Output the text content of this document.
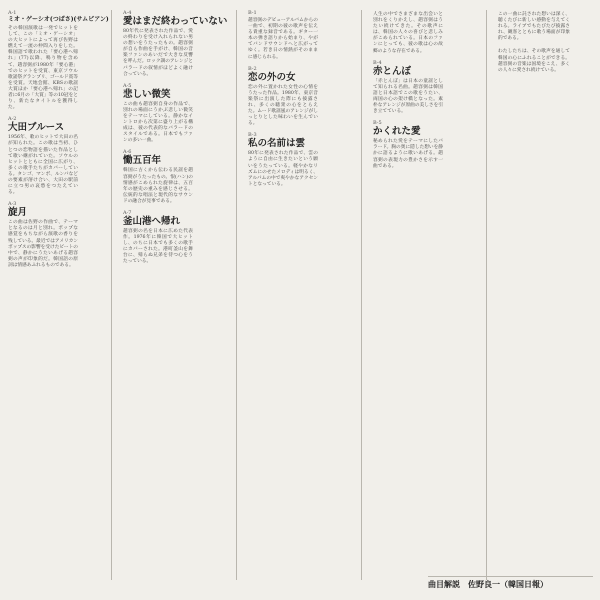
A-1

ミオ・ゲーシオ(つばさ)(サムピアン)

その韓国演歌は一発でヒットをして、この「ミオ・ゲーシオ」の大ヒットによって再び佐野は燃えて一流の仲間入りをした。韓国語で歌われた「要心港へ帰れ」(77)以降、鳴り物を含めて、趙容弼が1980年「要心港」でのヒットを受賞、東京ソウル歌謡祭グランプリ、ゴールド賞等を受賞。天地会館、KBSの歌謡大賞ほか「要心港へ帰れ」の記者に6月の「大賞」等の10冠をとり、新たなタイトルを獲得した。

A-2

大田ブルース

1956年、歌のヒットで大田の名が知られた。この歌は当初、ひとつの恋物語を描いた作品として歌い継がれていた。ソウルのヒットとともに全国に広がり、多くの歌手たちがカバーしている。タンゴ、マンボ、ルンバなどの要素が溶け合い、大田の駅前に立つ男の哀愁をつたえている。

A-3

旋月

この曲は佐野の作曲で、テーマとなるのは月と別れ。ポップな感覚をもちながら演歌の香りを残している。最近ではアメリカンポップスの影響を受けたビートの中で、静かにうたいあげる趙容弼の声が印象的だ。韓国語の原詞は情感あふれるものである。

A-4

愛はまだ終わっていない

80年代に発表された作品で、愛の終わりを受け入れられない男の想いをうたったもの。趙容弼が自ら作曲を手がけ、韓国の音楽ファンのあいだで大きな反響を呼んだ。ロック調のアレンジとバラードの叙情がほどよく融け合っている。

A-5

悲しい微笑

この曲も趙容弼自身の作品で、別れの場面にうかぶ悲しい微笑をテーマにしている。静かなイントロから次第に盛り上がる構成は、彼の代表的なバラードのスタイルである。日本でもファンの多い一曲。

A-6

慟五百年

韓国に古くから伝わる民謡を趙容弼がうたったもの。恨(ハン)の情感がこめられた旋律は、五百年の歴史の重みを感じさせる。伝統的な唱法と現代的なサウンドの融合が見事である。

A-7

釜山港へ帰れ

趙容弼の名を日本に広めた代表作。1976年に韓国で大ヒットし、のちに日本でも多くの歌手にカバーされた。港町釜山を舞台に、帰らぬ兄弟を待つ心をうたっている。

B-1

趙容弼のデビューアルバムからの一曲で、初期の彼の歌声を伝える貴重な録音である。ギター一本の弾き語りから始まり、やがてバンドサウンドへと広がってゆく。若き日の情熱がそのままに感じられる。

B-2

恋の外の女

恋の外に置かれた女性の心情をうたった作品。1980年、東京音楽祭に出演した際にも披露され、多くの聴衆の心をとらえた。ムード歌謡風のアレンジがしっとりとした味わいを生んでいる。

B-3

私の名前は雲

80年に発表された作品で、雲のように自由に生きたいという願いをうたっている。軽やかなリズムにのせたメロディは明るく、アルバムの中で爽やかなアクセントとなっている。

人生の中でさまざまな出会いと別れをくりかえし、趙容弼はうたい続けてきた。その歌声には、韓国の人々の喜びと悲しみがこめられている。日本のファンにとっても、彼の歌は心の故郷のような存在である。

B-4

赤とんぼ

「赤とんぼ」は日本の童謡として知られる名曲。趙容弼は韓国語と日本語でこの歌をうたい、両国の心の架け橋となった。素朴なアレンジが原曲の美しさを引き立てている。

B-5

かくれた愛

秘められた愛をテーマにしたバラード。胸の奥に隠した想いを静かに語るように歌いあげる。趙容弼の表現力の豊かさを示す一曲である。

この一曲に託された想いは深く、聴くたびに新しい感動を与えてくれる。ライブでもたびたび披露され、観客とともに歌う場面が印象的である。

わたしたちは、その歌声を通して韓国の心にふれることができる。趙容弼の音楽は国境をこえ、多くの人々に愛され続けている。

曲目解説　佐野良一（韓国日報）
